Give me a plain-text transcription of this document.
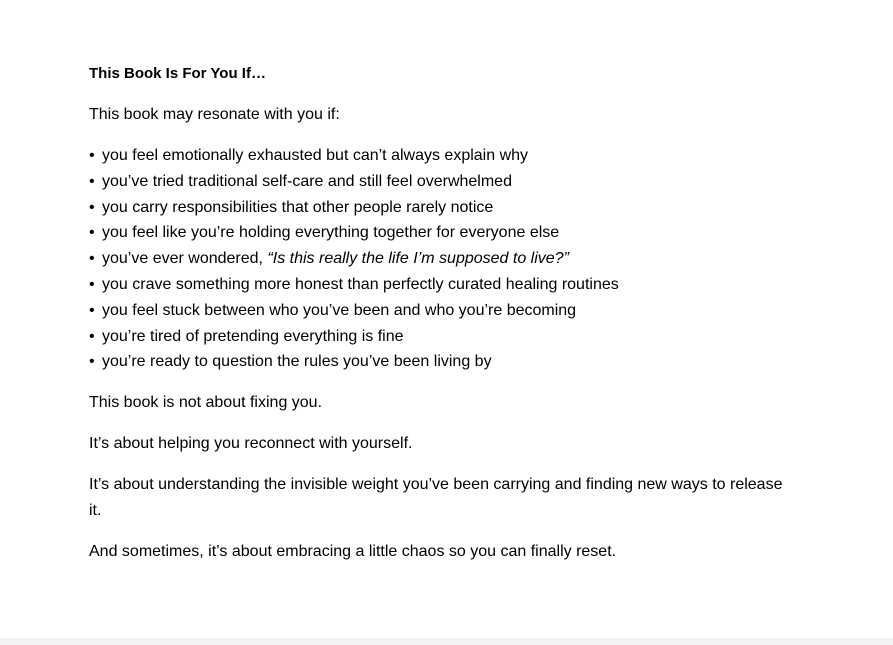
This Book Is For You If…

This book may resonate with you if:

• you feel emotionally exhausted but can’t always explain why
• you’ve tried traditional self-care and still feel overwhelmed
• you carry responsibilities that other people rarely notice
• you feel like you’re holding everything together for everyone else
• you’ve ever wondered, “Is this really the life I’m supposed to live?”
• you crave something more honest than perfectly curated healing routines
• you feel stuck between who you’ve been and who you’re becoming
• you’re tired of pretending everything is fine
• you’re ready to question the rules you’ve been living by

This book is not about fixing you.

It’s about helping you reconnect with yourself.

It’s about understanding the invisible weight you’ve been carrying and finding new ways to release it.

And sometimes, it’s about embracing a little chaos so you can finally reset.
